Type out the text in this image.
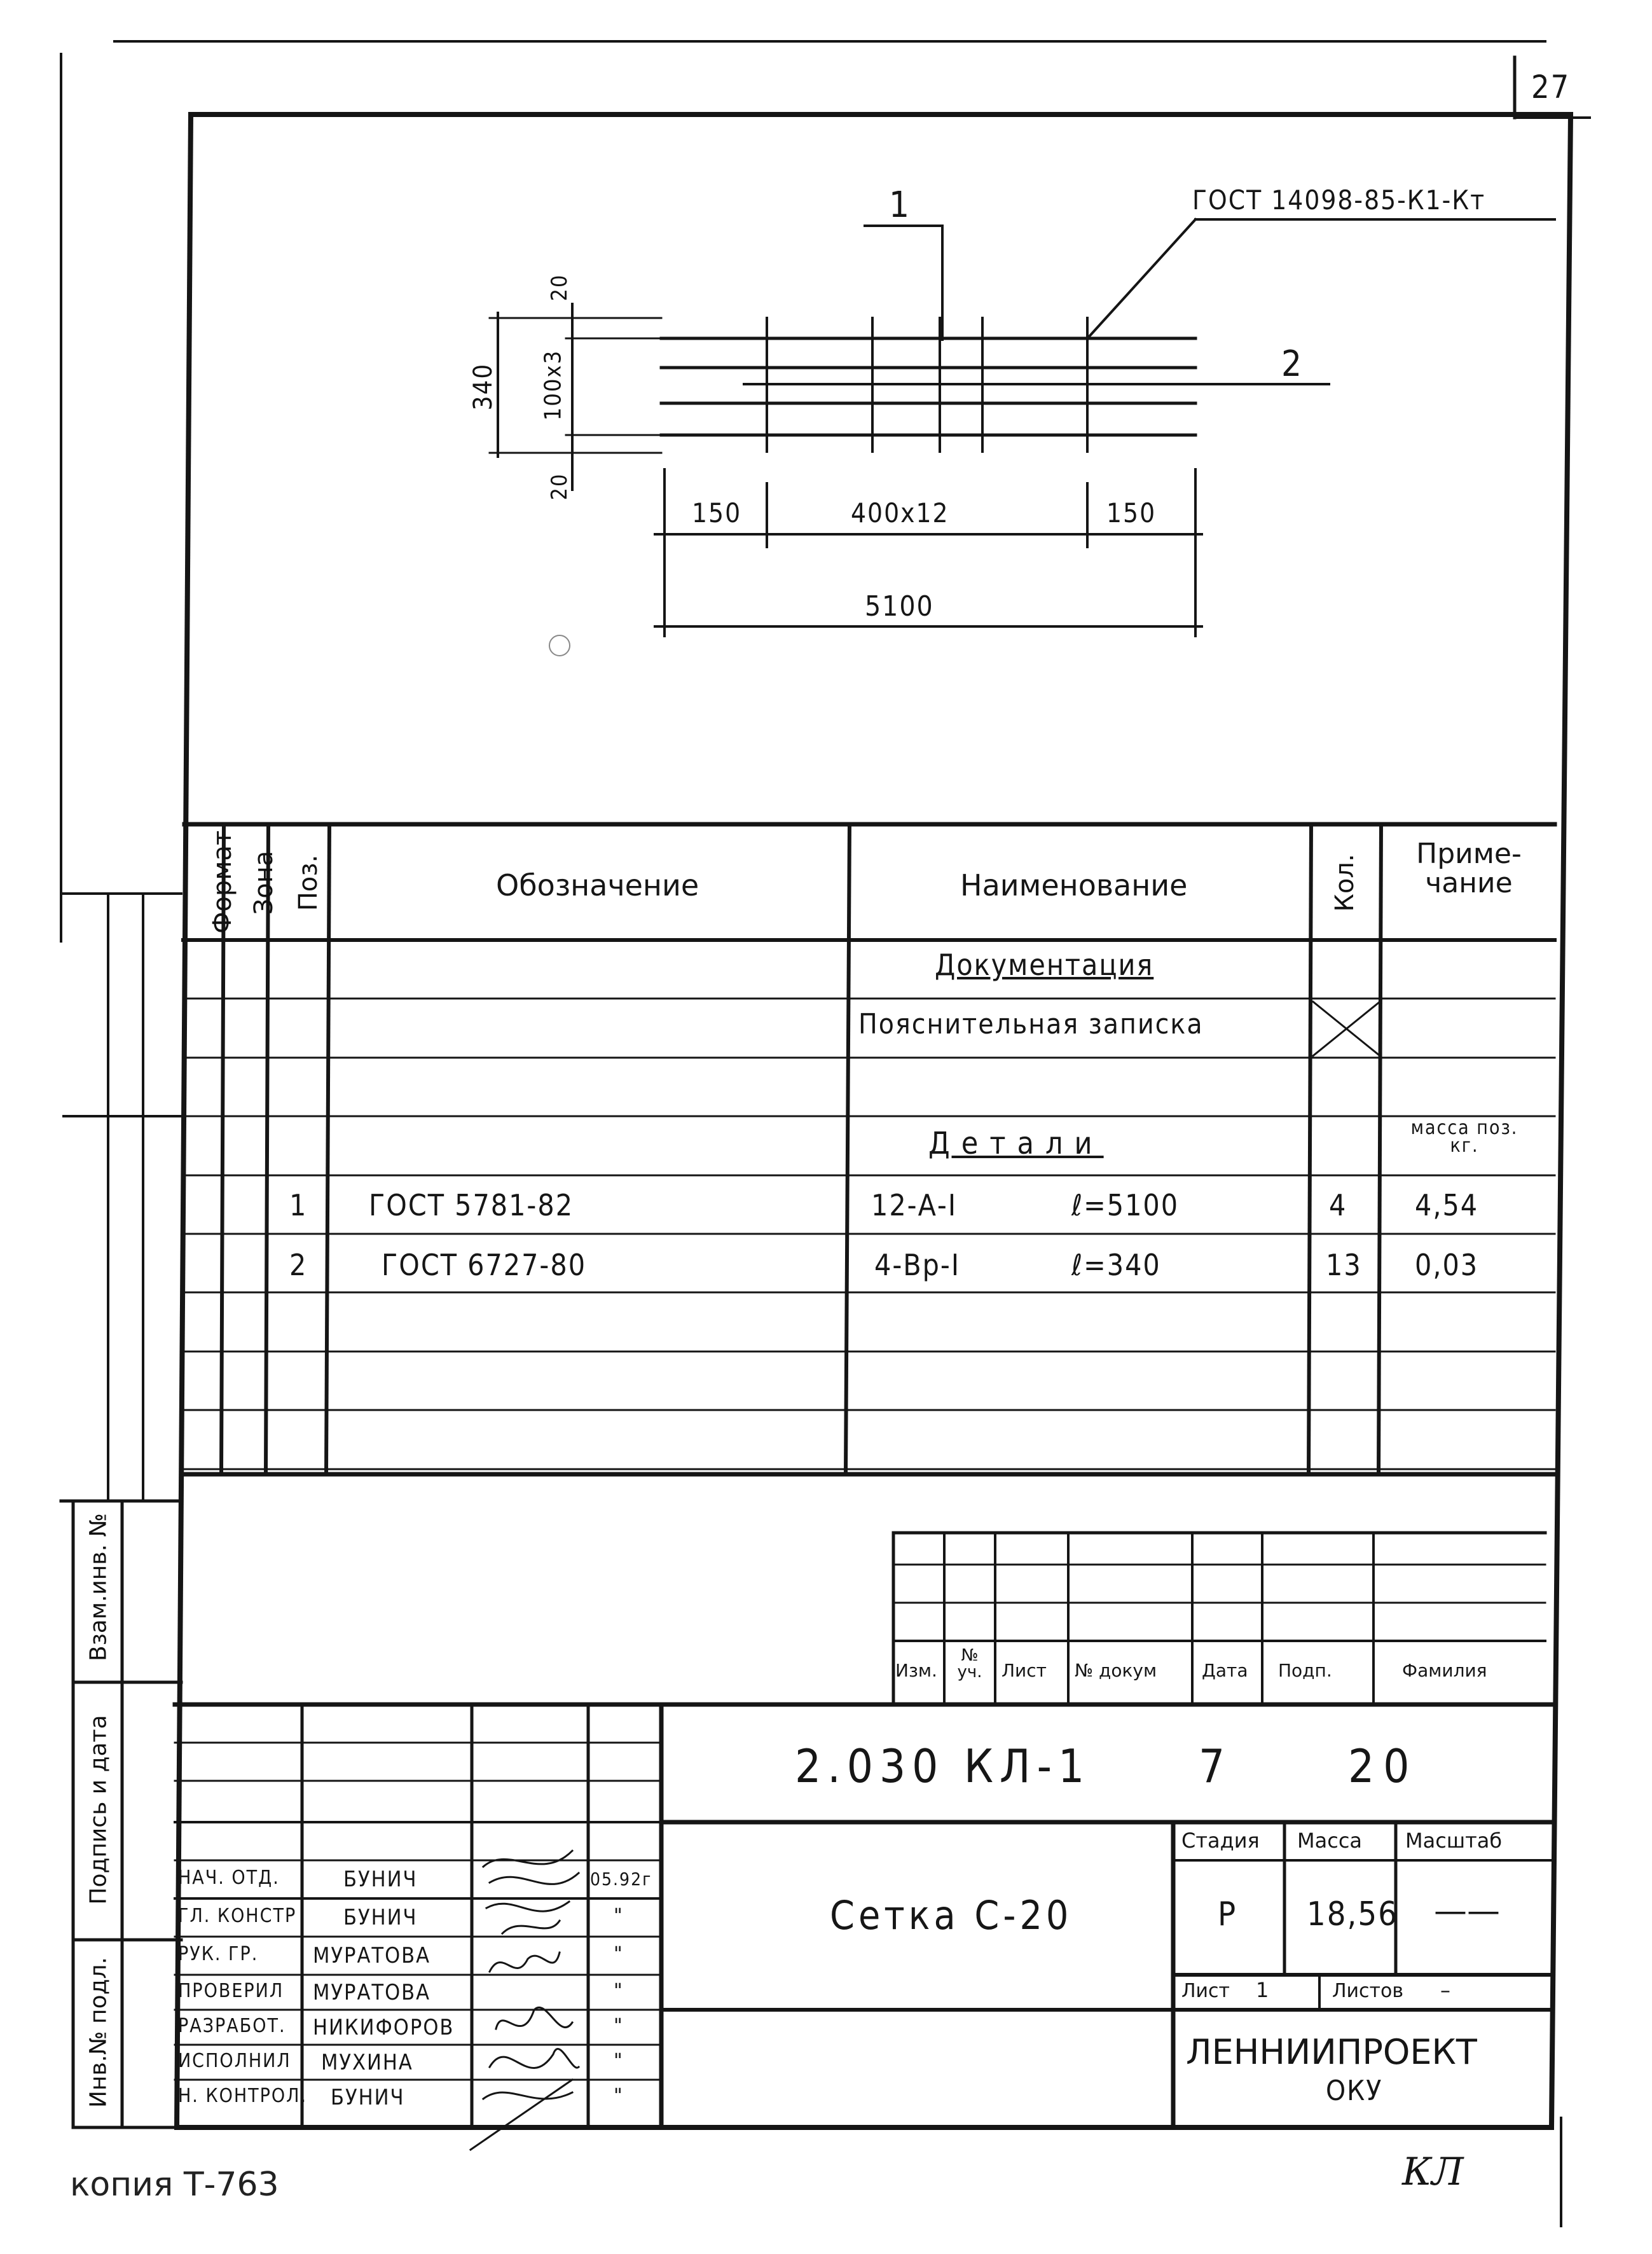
27
1
2
ГОСТ 14098-85-К1-Кт
340
20
100x3
20
150	400х12	150
5100
Формат Зона Поз.	Обозначение	Наименование	Кол.	Приме-
чание
Документация
Пояснительная записка
Детали	масса поз.
кг.
1 ГОСТ 5781-82	12-А-I	ℓ=5100	4 4,54
2	ГОСТ 6727-80	4-Вр-I	ℓ=340	13 0,03
Взам.инв. №
Подпись и дата
Инв.№ подл.
Изм.
№ уч.	Лист № докум	Дата Подп.	Фамилия
2.030 КЛ-1 7	20
Сетка С-20
Стадия Масса Масштаб
Р 18,56 ——
Лист 1	Листов –
ЛЕННИИПРОЕКТ
ОКУ
НАЧ. ОТД.	БУНИЧ	05.92г
ГЛ. КОНСТР БУНИЧ	"
РУК. ГР.	МУРАТОВА	"
ПРОВЕРИЛ МУРАТОВА	"
РАЗРАБОТ. НИКИФОРОВ	"
ИСПОЛНИЛ МУХИНА	"
Н. КОНТРОЛ. БУНИЧ	"
копия Т-763	КЛ
